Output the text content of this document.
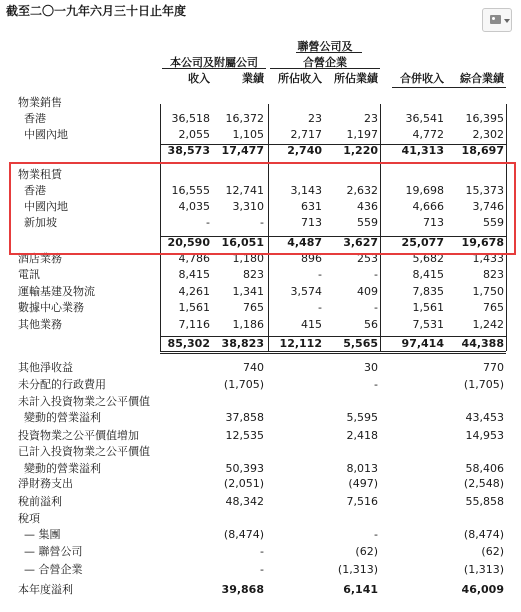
截至二〇一九年六月三十日止年度
本公司及附屬公司
聯營公司及
合營企業
收入	業績	所佔收入	所佔業績	合併收入	綜合業績
物業銷售
香港	36,518	16,372	23	23	36,541	16,395
中國內地	2,055	1,105	2,717	1,197	4,772	2,302
38,573	17,477	2,740	1,220	41,313	18,697
物業租賃
香港	16,555	12,741	3,143	2,632	19,698	15,373
中國內地	4,035	3,310	631	436	4,666	3,746
新加坡	-	-	713	559	713	559
20,590	16,051	4,487	3,627	25,077	19,678
酒店業務	4,786	1,180	896	253	5,682	1,433
電訊	8,415	823	-	-	8,415	823
運輸基建及物流	4,261	1,341	3,574	409	7,835	1,750
數據中心業務	1,561	765	-	-	1,561	765
其他業務	7,116	1,186	415	56	7,531	1,242
85,302	38,823	12,112	5,565	97,414	44,388
其他淨收益	740	30	770
未分配的行政費用	(1,705)	-	(1,705)
未計入投資物業之公平價值
變動的營業溢利	37,858	5,595	43,453
投資物業之公平價值增加	12,535	2,418	14,953
已計入投資物業之公平價值
變動的營業溢利	50,393	8,013	58,406
淨財務支出	(2,051)	(497)	(2,548)
稅前溢利	48,342	7,516	55,858
稅項
— 集團	(8,474)	-	(8,474)
— 聯營公司	-	(62)	(62)
— 合營企業	-	(1,313)	(1,313)
本年度溢利	39,868	6,141	46,009
